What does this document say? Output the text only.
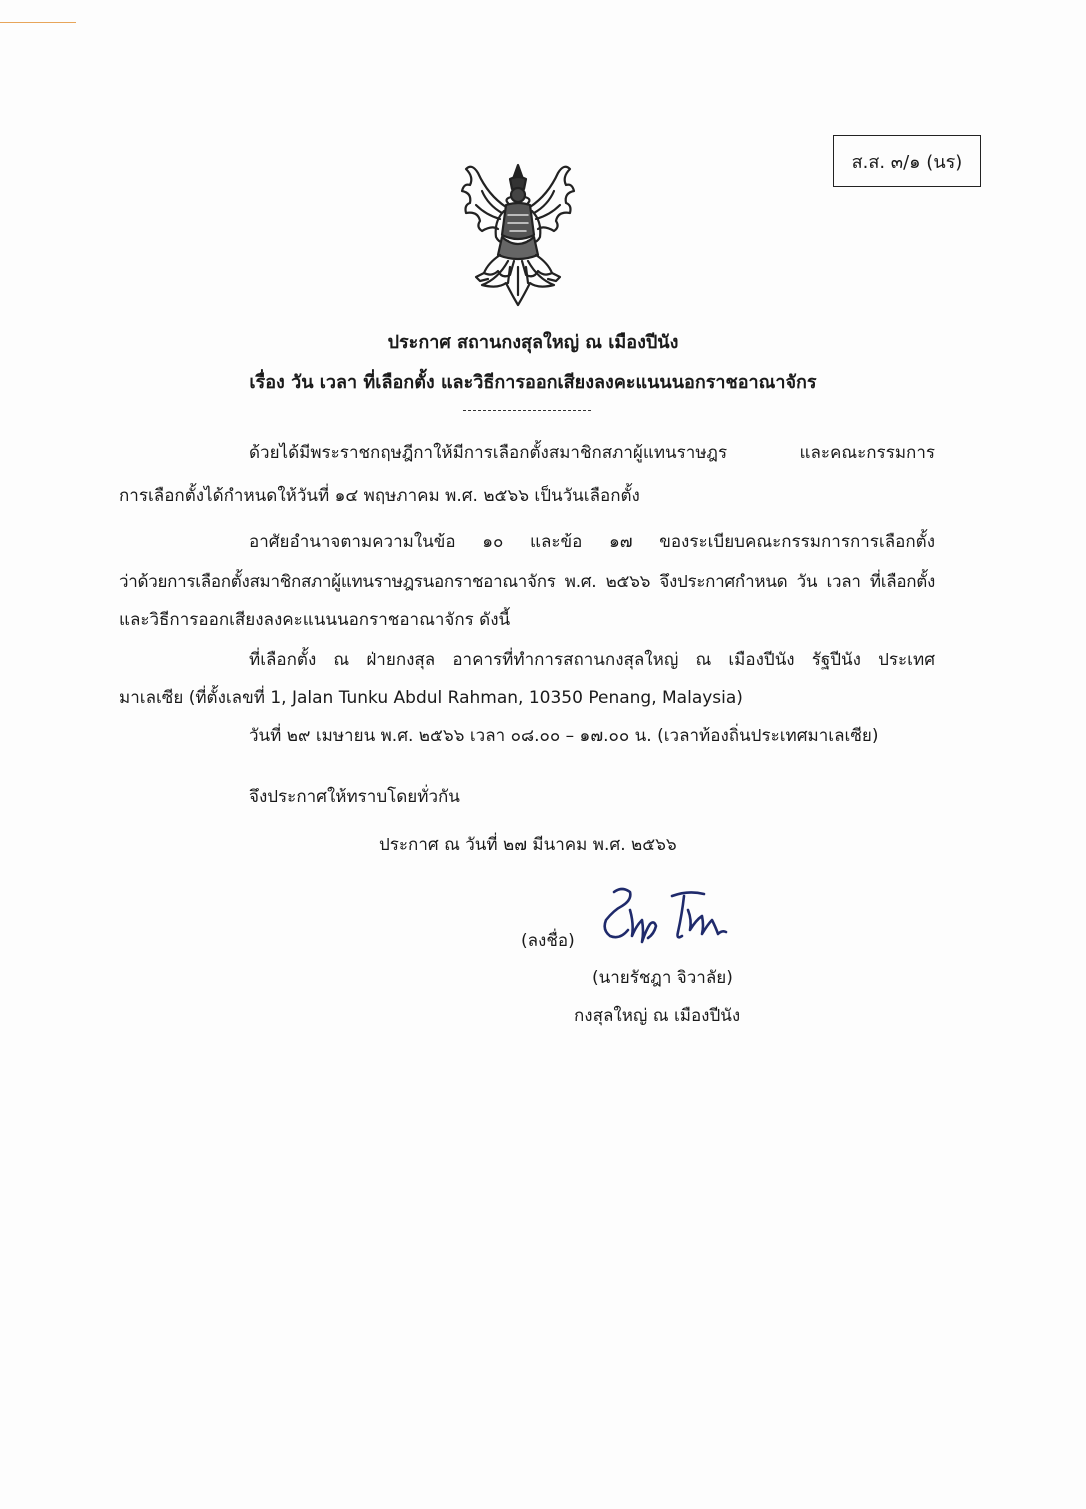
ส.ส. ๓/๑ (นร)
ประกาศ สถานกงสุลใหญ่ ณ เมืองปีนัง
เรื่อง วัน เวลา ที่เลือกตั้ง และวิธีการออกเสียงลงคะแนนนอกราชอาณาจักร
ด้วยได้มีพระราชกฤษฎีกาให้มีการเลือกตั้งสมาชิกสภาผู้แทนราษฎร และคณะกรรมการ
การเลือกตั้งได้กำหนดให้วันที่ ๑๔ พฤษภาคม พ.ศ. ๒๕๖๖ เป็นวันเลือกตั้ง
อาศัยอำนาจตามความในข้อ ๑๐ และข้อ ๑๗ ของระเบียบคณะกรรมการการเลือกตั้ง
ว่าด้วยการเลือกตั้งสมาชิกสภาผู้แทนราษฎรนอกราชอาณาจักร พ.ศ. ๒๕๖๖ จึงประกาศกำหนด วัน เวลา ที่เลือกตั้ง
และวิธีการออกเสียงลงคะแนนนอกราชอาณาจักร ดังนี้
ที่เลือกตั้ง ณ ฝ่ายกงสุล อาคารที่ทำการสถานกงสุลใหญ่ ณ เมืองปีนัง รัฐปีนัง ประเทศ
มาเลเซีย (ที่ตั้งเลขที่ 1, Jalan Tunku Abdul Rahman, 10350 Penang, Malaysia)
วันที่ ๒๙ เมษายน พ.ศ. ๒๕๖๖ เวลา ๐๘.๐๐ – ๑๗.๐๐ น. (เวลาท้องถิ่นประเทศมาเลเซีย)
จึงประกาศให้ทราบโดยทั่วกัน
ประกาศ ณ วันที่ ๒๗ มีนาคม พ.ศ. ๒๕๖๖
(ลงชื่อ)
(นายรัชฎา จิวาลัย)
กงสุลใหญ่ ณ เมืองปีนัง
